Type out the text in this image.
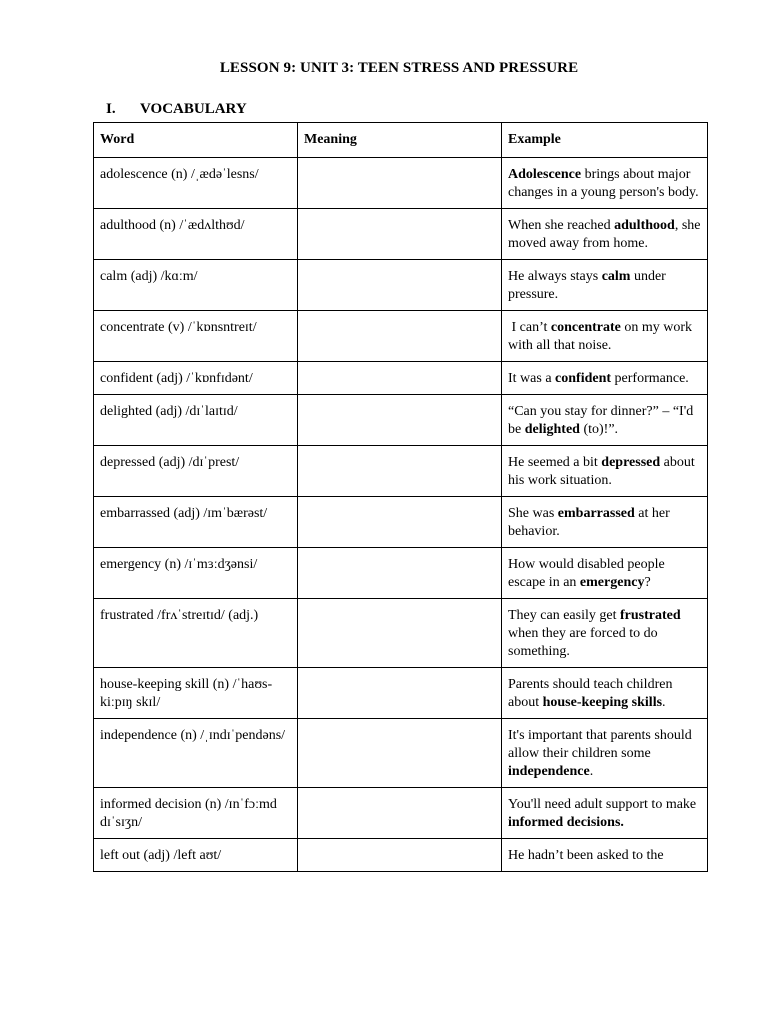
LESSON 9: UNIT 3: TEEN STRESS AND PRESSURE
I. VOCABULARY
Word	Meaning	Example
adolescence (n) /ˌædəˈlesns/		Adolescence brings about major changes in a young person's body.
adulthood (n) /ˈædʌlthʊd/		When she reached adulthood, she moved away from home.
calm (adj) /kɑːm/		He always stays calm under pressure.
concentrate (v) /ˈkɒnsntreɪt/		I can’t concentrate on my work with all that noise.
confident (adj) /ˈkɒnfɪdənt/		It was a confident performance.
delighted (adj) /dɪˈlaɪtɪd/		“Can you stay for dinner?” – “I'd be delighted (to)!”.
depressed (adj) /dɪˈprest/		He seemed a bit depressed about his work situation.
embarrassed (adj) /ɪmˈbærəst/		She was embarrassed at her behavior.
emergency (n) /ɪˈmɜːdʒənsi/		How would disabled people escape in an emergency?
frustrated /frʌˈstreɪtɪd/ (adj.)		They can easily get frustrated when they are forced to do something.
house-keeping skill (n) /ˈhaʊs-kiːpɪŋ skɪl/		Parents should teach children about house-keeping skills.
independence (n) /ˌɪndɪˈpendəns/		It's important that parents should allow their children some independence.
informed decision (n) /ɪnˈfɔːmd dɪˈsɪʒn/		You'll need adult support to make informed decisions.
left out (adj) /left aʊt/		He hadn’t been asked to the
